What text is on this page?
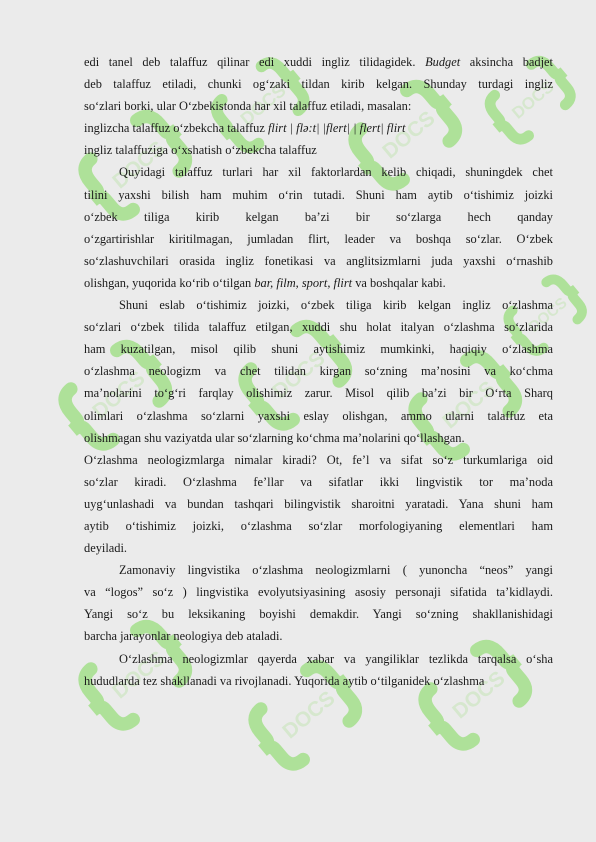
DOCS
DOCS
DOCS
DOCS
DOCS	DOCS
DOCS
DOCS
DOCS
DOCS	DOCS

edi tanel deb talaffuz qilinar edi xuddi ingliz tilidagidek. Budget aksincha badjet
deb talaffuz etiladi, chunki og‘zaki tildan kirib kelgan. Shunday turdagi ingliz
so‘zlari borki, ular O‘zbekistonda har xil talaffuz etiladi, masalan:

inglizcha talaffuz o‘zbekcha talaffuz flirt | flə:t| |flert| | flert| flirt

ingliz talaffuziga o‘xshatish o‘zbekcha talaffuz

Quyidagi talaffuz turlari har xil faktorlardan kelib chiqadi, shuningdek chet
tilini yaxshi bilish ham muhim o‘rin tutadi. Shuni ham aytib o‘tishimiz joizki
o‘zbek tiliga kirib kelgan ba’zi bir so‘zlarga hech qanday
o‘zgartirishlar kiritilmagan, jumladan flirt, leader va boshqa so‘zlar. O‘zbek
so‘zlashuvchilari orasida ingliz fonetikasi va anglitsizmlarni juda yaxshi o‘rnashib
olishgan, yuqorida ko‘rib o‘tilgan bar, film, sport, flirt va boshqalar kabi.

Shuni eslab o‘tishimiz joizki, o‘zbek tiliga kirib kelgan ingliz o‘zlashma
so‘zlari o‘zbek tilida talaffuz etilgan, xuddi shu holat italyan o‘zlashma so‘zlarida
ham kuzatilgan, misol qilib shuni aytishimiz mumkinki, haqiqiy o‘zlashma
o‘zlashma neologizm va chet tilidan kirgan so‘zning ma’nosini va ko‘chma
ma’nolarini to‘g‘ri farqlay olishimiz zarur. Misol qilib ba’zi bir O‘rta Sharq
olimlari o‘zlashma so‘zlarni yaxshi eslay olishgan, ammo ularni talaffuz eta
olishmagan shu vaziyatda ular so‘zlarning ko‘chma ma’nolarini qo‘llashgan.

O‘zlashma neologizmlarga nimalar kiradi? Ot, fe’l va sifat so‘z turkumlariga oid
so‘zlar kiradi. O‘zlashma fe’llar va sifatlar ikki lingvistik tor ma’noda
uyg‘unlashadi va bundan tashqari bilingvistik sharoitni yaratadi. Yana shuni ham
aytib o‘tishimiz joizki, o‘zlashma so‘zlar morfologiyaning elementlari ham
deyiladi.

Zamonaviy lingvistika o‘zlashma neologizmlarni ( yunoncha “neos” yangi
va “logos” so‘z ) lingvistika evolyutsiyasining asosiy personaji sifatida ta’kidlaydi.
Yangi so‘z bu leksikaning boyishi demakdir. Yangi so‘zning shakllanishidagi
barcha jarayonlar neologiya deb ataladi.

O‘zlashma neologizmlar qayerda xabar va yangiliklar tezlikda tarqalsa o‘sha
hududlarda tez shakllanadi va rivojlanadi. Yuqorida aytib o‘tilganidek o‘zlashma
